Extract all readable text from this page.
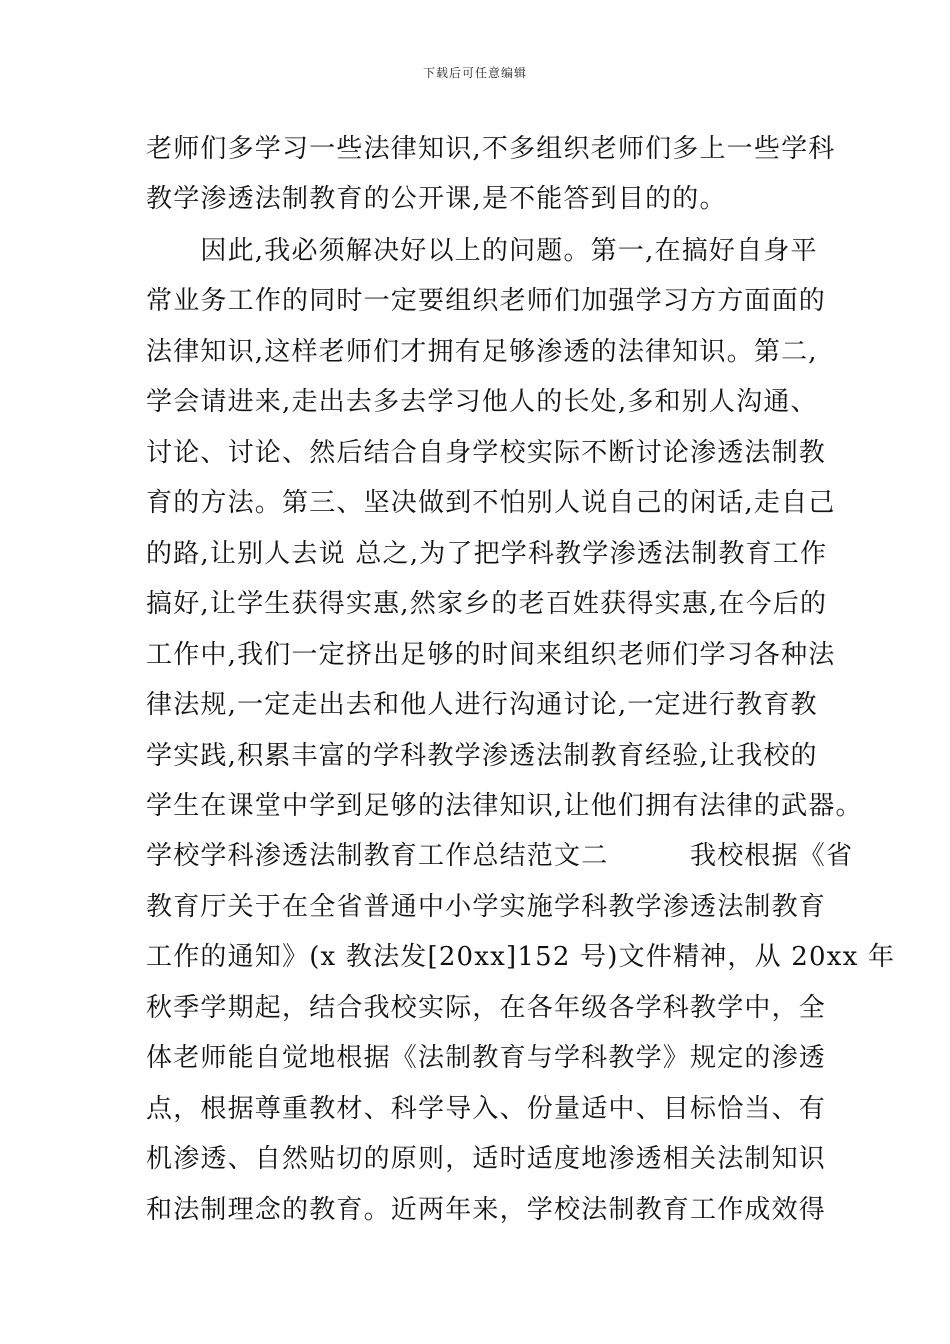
下载后可任意编辑
老师们多学习一些法律知识,不多组织老师们多上一些学科
教学渗透法制教育的公开课,是不能答到目的的。
　　因此,我必须解决好以上的问题。第一,在搞好自身平
常业务工作的同时一定要组织老师们加强学习方方面面的
法律知识,这样老师们才拥有足够渗透的法律知识。第二,
学会请进来,走出去多去学习他人的长处,多和别人沟通、
讨论、讨论、然后结合自身学校实际不断讨论渗透法制教
育的方法。第三、坚决做到不怕别人说自己的闲话,走自己
的路,让别人去说 总之,为了把学科教学渗透法制教育工作
搞好,让学生获得实惠,然家乡的老百姓获得实惠,在今后的
工作中,我们一定挤出足够的时间来组织老师们学习各种法
律法规,一定走出去和他人进行沟通讨论,一定进行教育教
学实践,积累丰富的学科教学渗透法制教育经验,让我校的
学生在课堂中学到足够的法律知识,让他们拥有法律的武器。
学校学科渗透法制教育工作总结范文二　　　我校根据《省
教育厅关于在全省普通中小学实施学科教学渗透法制教育
工作的通知》(x 教法发[20xx]152 号)文件精神，从 20xx 年
秋季学期起，结合我校实际，在各年级各学科教学中，全
体老师能自觉地根据《法制教育与学科教学》规定的渗透
点，根据尊重教材、科学导入、份量适中、目标恰当、有
机渗透、自然贴切的原则，适时适度地渗透相关法制知识
和法制理念的教育。近两年来，学校法制教育工作成效得
